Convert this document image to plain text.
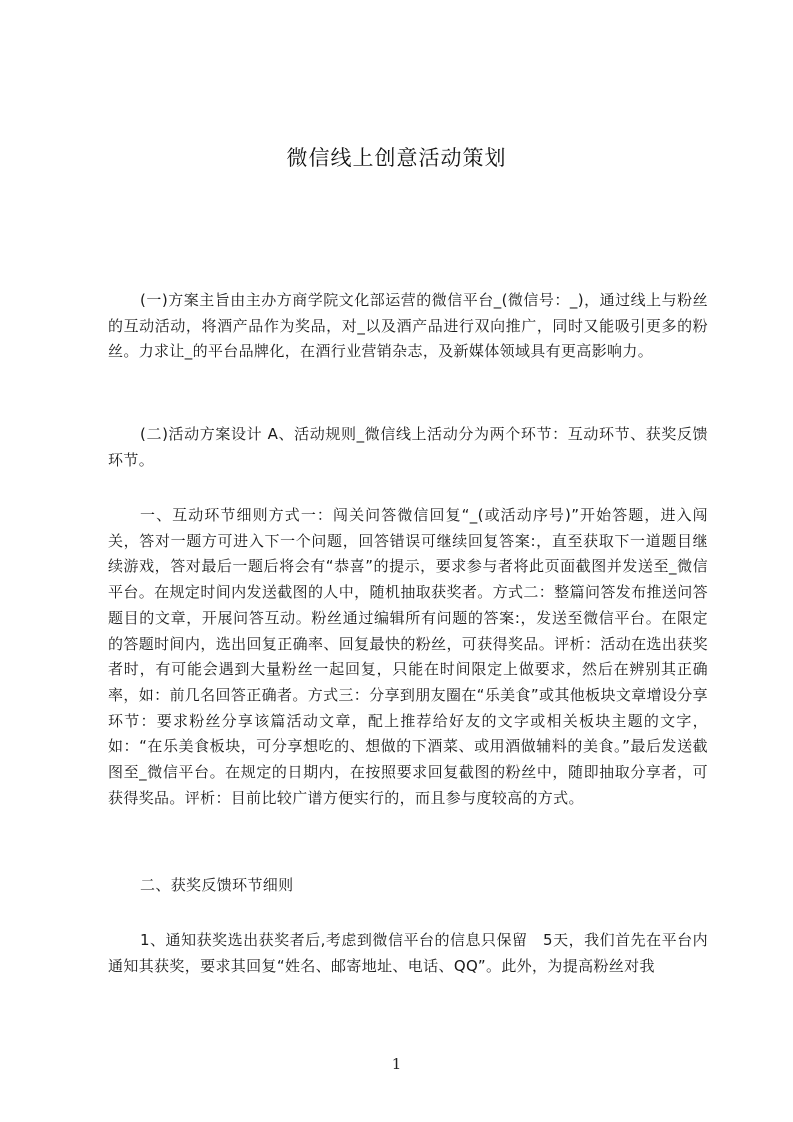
微信线上创意活动策划

(一)方案主旨由主办方商学院文化部运营的微信平台_(微信号：_)，通过线上与粉丝的互动活动，将酒产品作为奖品，对_以及酒产品进行双向推广，同时又能吸引更多的粉丝。力求让_的平台品牌化，在酒行业营销杂志，及新媒体领域具有更高影响力。

(二)活动方案设计 A、活动规则_微信线上活动分为两个环节：互动环节、获奖反馈环节。

一、互动环节细则方式一：闯关问答微信回复“_(或活动序号)”开始答题，进入闯关，答对一题方可进入下一个问题，回答错误可继续回复答案:，直至获取下一道题目继续游戏，答对最后一题后将会有“恭喜”的提示，要求参与者将此页面截图并发送至_微信平台。在规定时间内发送截图的人中，随机抽取获奖者。方式二：整篇问答发布推送问答题目的文章，开展问答互动。粉丝通过编辑所有问题的答案:，发送至微信平台。在限定的答题时间内，选出回复正确率、回复最快的粉丝，可获得奖品。评析：活动在选出获奖者时，有可能会遇到大量粉丝一起回复，只能在时间限定上做要求，然后在辨别其正确率，如：前几名回答正确者。方式三：分享到朋友圈在“乐美食”或其他板块文章增设分享环节：要求粉丝分享该篇活动文章，配上推荐给好友的文字或相关板块主题的文字，如：“在乐美食板块，可分享想吃的、想做的下酒菜、或用酒做辅料的美食。”最后发送截图至_微信平台。在规定的日期内，在按照要求回复截图的粉丝中，随即抽取分享者，可获得奖品。评析：目前比较广谱方便实行的，而且参与度较高的方式。

二、获奖反馈环节细则

1、通知获奖选出获奖者后,考虑到微信平台的信息只保留　5天，我们首先在平台内通知其获奖，要求其回复“姓名、邮寄地址、电话、QQ”。此外，为提高粉丝对我

1
